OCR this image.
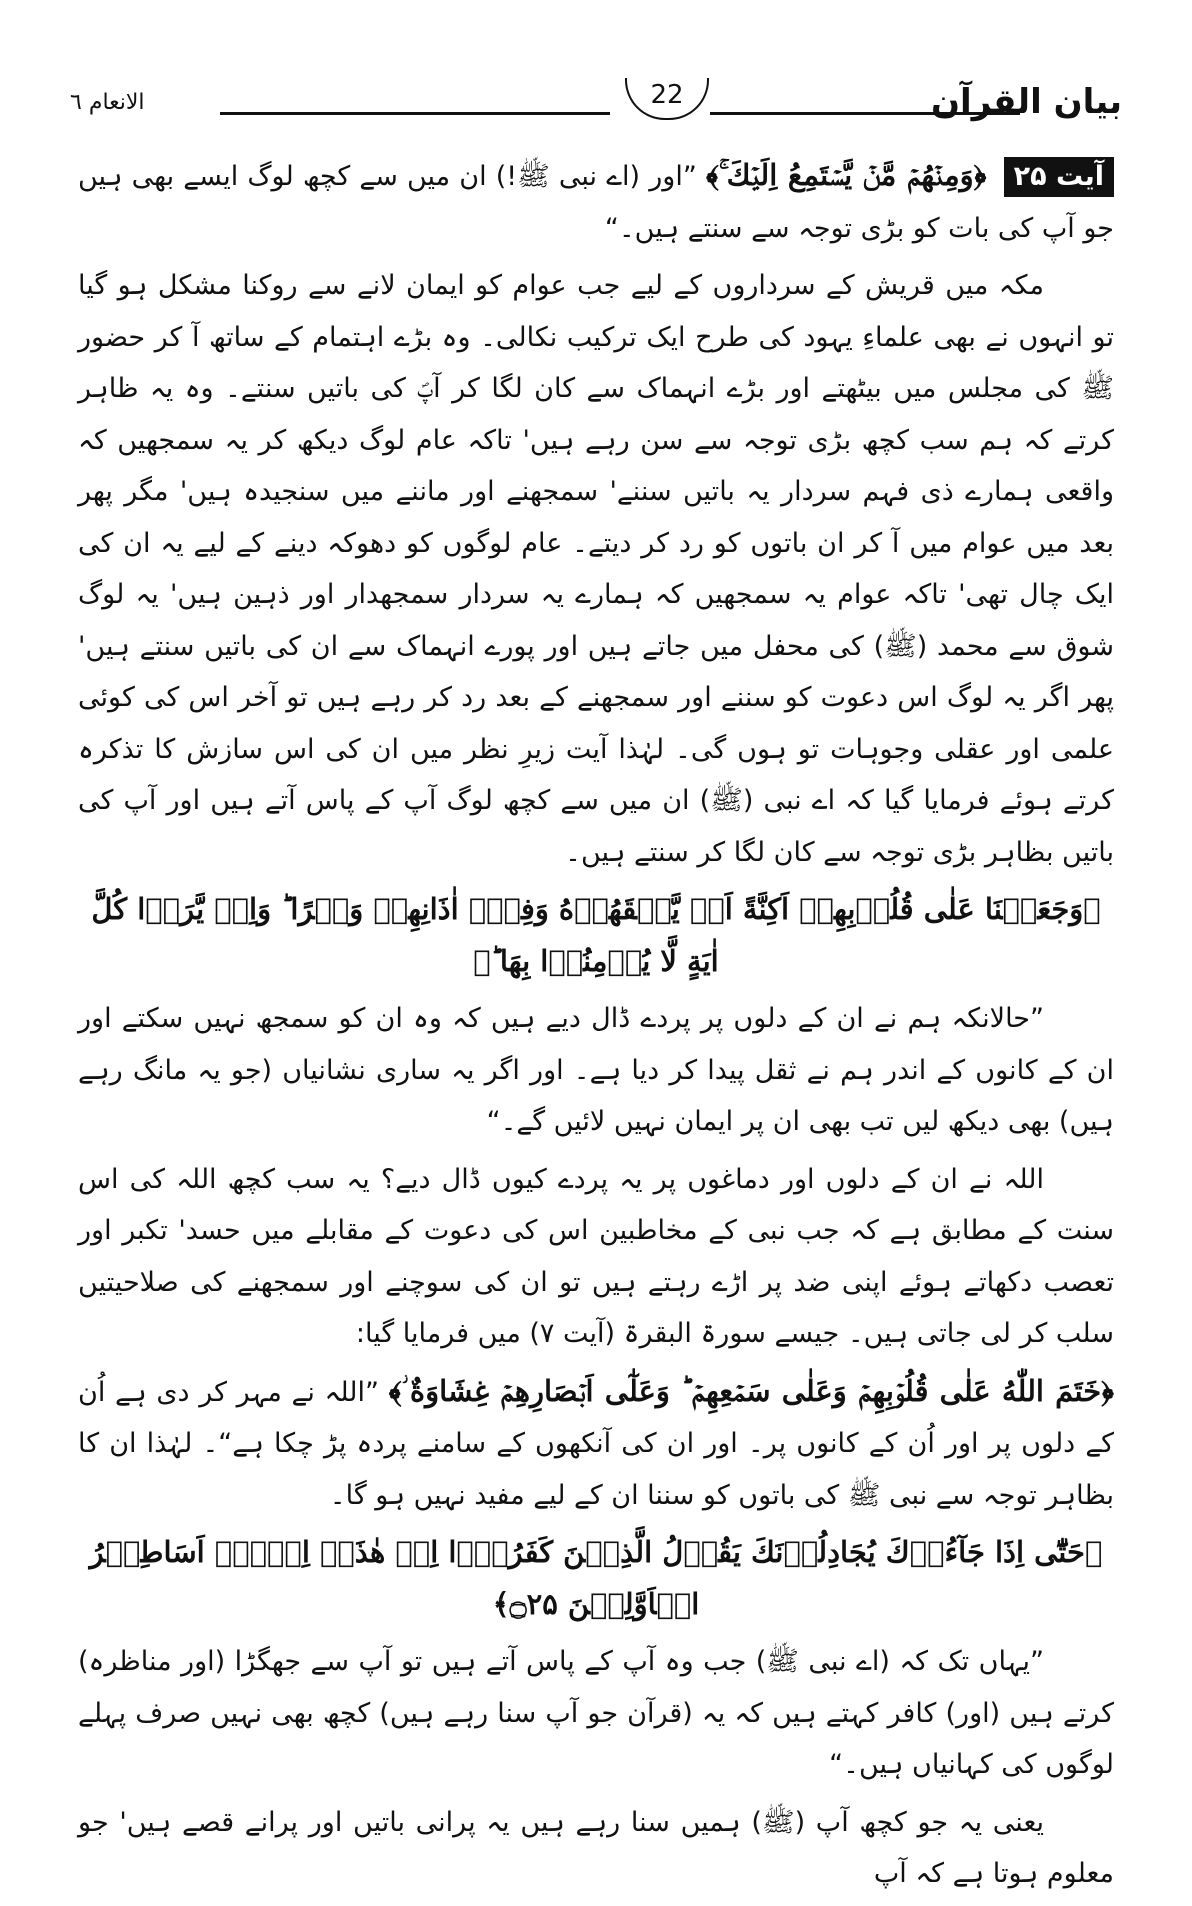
الانعام ٦	22	بیان القرآن

آیت ۲۵ ﴿وَمِنۡهُمۡ مَّنۡ يَّسۡتَمِعُ اِلَيۡكَ ۚ﴾ ”اور (اے نبی ﷺ!) ان میں سے کچھ لوگ ایسے بھی ہیں جو آپ کی بات کو بڑی توجہ سے سنتے ہیں۔“

مکہ میں قریش کے سرداروں کے لیے جب عوام کو ایمان لانے سے روکنا مشکل ہو گیا تو انہوں نے بھی علماءِ یہود کی طرح ایک ترکیب نکالی۔ وہ بڑے اہتمام کے ساتھ آ کر حضور ﷺ کی مجلس میں بیٹھتے اور بڑے انہماک سے کان لگا کر آپؐ کی باتیں سنتے۔ وہ یہ ظاہر کرتے کہ ہم سب کچھ بڑی توجہ سے سن رہے ہیں' تاکہ عام لوگ دیکھ کر یہ سمجھیں کہ واقعی ہمارے ذی فہم سردار یہ باتیں سننے' سمجھنے اور ماننے میں سنجیدہ ہیں' مگر پھر بعد میں عوام میں آ کر ان باتوں کو رد کر دیتے۔ عام لوگوں کو دھوکہ دینے کے لیے یہ ان کی ایک چال تھی' تاکہ عوام یہ سمجھیں کہ ہمارے یہ سردار سمجھدار اور ذہین ہیں' یہ لوگ شوق سے محمد (ﷺ) کی محفل میں جاتے ہیں اور پورے انہماک سے ان کی باتیں سنتے ہیں' پھر اگر یہ لوگ اس دعوت کو سننے اور سمجھنے کے بعد رد کر رہے ہیں تو آخر اس کی کوئی علمی اور عقلی وجوہات تو ہوں گی۔ لہٰذا آیت زیرِ نظر میں ان کی اس سازش کا تذکرہ کرتے ہوئے فرمایا گیا کہ اے نبی (ﷺ) ان میں سے کچھ لوگ آپ کے پاس آتے ہیں اور آپ کی باتیں بظاہر بڑی توجہ سے کان لگا کر سنتے ہیں۔

﴿وَجَعَلۡنَا عَلٰى قُلُوۡبِهِمۡ اَكِنَّةً اَنۡ يَّفۡقَهُوۡهُ وَفِىۡۤ اٰذَانِهِمۡ وَقۡرًا ؕ وَاِنۡ يَّرَوۡا كُلَّ اٰيَةٍ لَّا يُؤۡمِنُوۡا بِهَا ؕ﴾

”حالانکہ ہم نے ان کے دلوں پر پردے ڈال دیے ہیں کہ وہ ان کو سمجھ نہیں سکتے اور ان کے کانوں کے اندر ہم نے ثقل پیدا کر دیا ہے۔ اور اگر یہ ساری نشانیاں (جو یہ مانگ رہے ہیں) بھی دیکھ لیں تب بھی ان پر ایمان نہیں لائیں گے۔“

اللہ نے ان کے دلوں اور دماغوں پر یہ پردے کیوں ڈال دیے؟ یہ سب کچھ اللہ کی اس سنت کے مطابق ہے کہ جب نبی کے مخاطبین اس کی دعوت کے مقابلے میں حسد' تکبر اور تعصب دکھاتے ہوئے اپنی ضد پر اڑے رہتے ہیں تو ان کی سوچنے اور سمجھنے کی صلاحیتیں سلب کر لی جاتی ہیں۔ جیسے سورۃ البقرۃ (آیت ۷) میں فرمایا گیا:

﴿خَتَمَ اللّٰهُ عَلٰى قُلُوۡبِهِمۡ وَعَلٰى سَمۡعِهِمۡ ؕ وَعَلٰٓى اَبۡصَارِهِمۡ غِشَاوَةٌ ؗ﴾ ”اللہ نے مہر کر دی ہے اُن کے دلوں پر اور اُن کے کانوں پر۔ اور ان کی آنکھوں کے سامنے پردہ پڑ چکا ہے“۔ لہٰذا ان کا بظاہر توجہ سے نبی ﷺ کی باتوں کو سننا ان کے لیے مفید نہیں ہو گا۔

﴿حَتّٰٓى اِذَا جَآءُوۡكَ يُجَادِلُوۡنَكَ يَقُوۡلُ الَّذِيۡنَ كَفَرُوۡۤا اِنۡ هٰذَاۤ اِلَّاۤ اَسَاطِيۡرُ الۡاَوَّلِيۡنَ ۝۲۵﴾

”یہاں تک کہ (اے نبی ﷺ) جب وہ آپ کے پاس آتے ہیں تو آپ سے جھگڑا (اور مناظرہ) کرتے ہیں (اور) کافر کہتے ہیں کہ یہ (قرآن جو آپ سنا رہے ہیں) کچھ بھی نہیں صرف پہلے لوگوں کی کہانیاں ہیں۔“

یعنی یہ جو کچھ آپ (ﷺ) ہمیں سنا رہے ہیں یہ پرانی باتیں اور پرانے قصے ہیں' جو معلوم ہوتا ہے کہ آپ
